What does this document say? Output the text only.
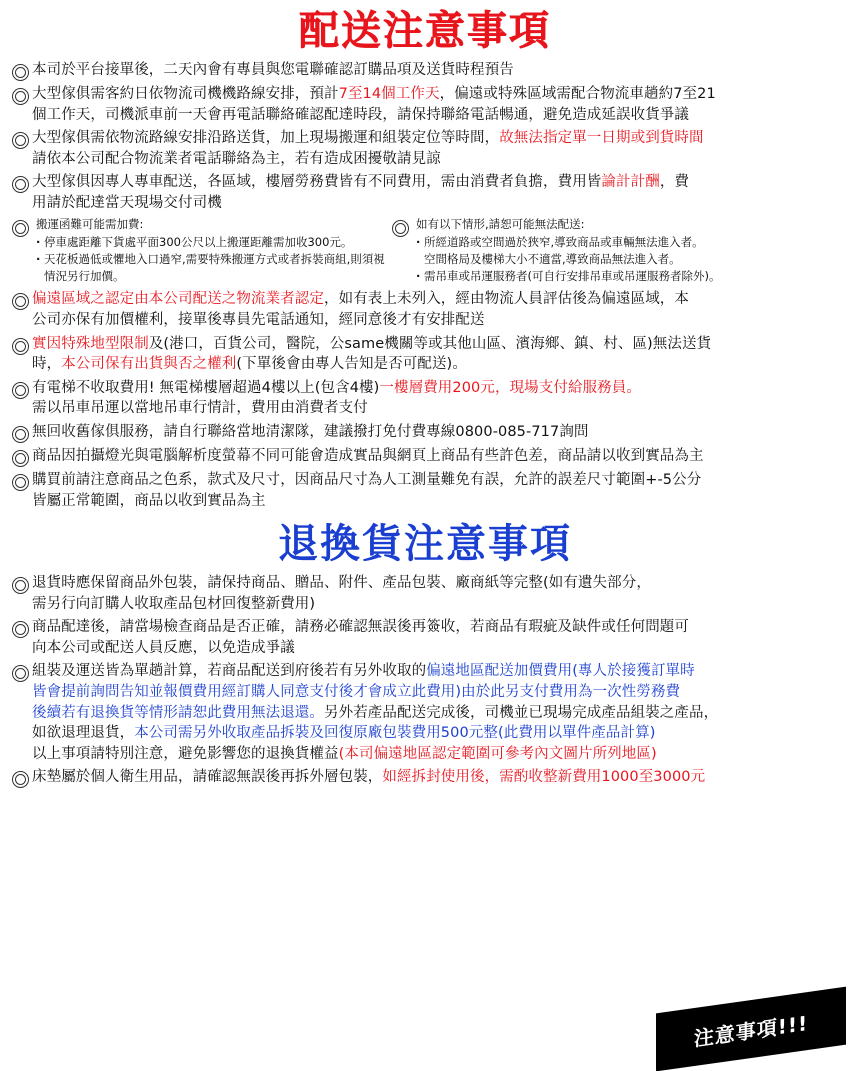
配送注意事項
本司於平台接單後，二天內會有專員與您電聯確認訂購品項及送貨時程預告
大型傢俱需客約日依物流司機機路線安排，預計7至14個工作天，偏遠或特殊區域需配合物流車趟約7至21
個工作天，司機派車前一天會再電話聯絡確認配達時段，請保持聯絡電話暢通，避免造成延誤收貨爭議
大型傢俱需依物流路線安排沿路送貨，加上現場搬運和組裝定位等時間，故無法指定單一日期或到貨時間
請依本公司配合物流業者電話聯絡為主，若有造成困擾敬請見諒
大型傢俱因專人專車配送，各區域，樓層勞務費皆有不同費用，需由消費者負擔，費用皆論計計酬，費
用請於配達當天現場交付司機
搬運函難可能需加費:
· 停車處距離下貨處平面300公尺以上搬運距離需加收300元。
· 天花板過低或懼地入口過窄,需要特殊搬運方式或者拆裝商組,則須視情況另行加價。
如有以下情形,請恕可能無法配送:
· 所經道路或空間過於狹窄,導致商品或車輛無法進入者。
空間格局及樓梯大小不適當,導致商品無法進入者。
· 需吊車或吊運服務者(可自行安排吊車或吊運服務者除外)。
偏遠區域之認定由本公司配送之物流業者認定，如有表上未列入，經由物流人員評估後為偏遠區域，本
公司亦保有加價權利，接單後專員先電話通知，經同意後才有安排配送
實因特殊地型限制及(港口，百貨公司，醫院，公same機關等或其他山區、濱海鄉、鎮、村、區)無法送貨
時，本公司保有出貨與否之權利(下單後會由專人告知是否可配送)。
有電梯不收取費用! 無電梯樓層超過4樓以上(包含4樓)一樓層費用200元，現場支付給服務員。
需以吊車吊運以當地吊車行情計，費用由消費者支付
無回收舊傢俱服務，請自行聯絡當地清潔隊，建議撥打免付費專線0800-085-717詢問
商品因拍攝燈光與電腦解析度螢幕不同可能會造成實品與網頁上商品有些許色差，商品請以收到實品為主
購買前請注意商品之色系，款式及尺寸，因商品尺寸為人工測量難免有誤，允許的誤差尺寸範圍+-5公分
皆屬正常範圍，商品以收到實品為主
退換貨注意事項
退貨時應保留商品外包裝，請保持商品、贈品、附件、產品包裝、廠商紙等完整(如有遺失部分，
需另行向訂購人收取產品包材回復整新費用)
商品配達後，請當場檢查商品是否正確，請務必確認無誤後再簽收，若商品有瑕疵及缺件或任何問題可
向本公司或配送人員反應，以免造成爭議
組裝及運送皆為單趟計算，若商品配送到府後若有另外收取的偏遠地區配送加價費用(專人於接獲訂單時
皆會提前詢問告知並報價費用經訂購人同意支付後才會成立此費用)由於此另支付費用為一次性勞務費
後續若有退換貨等情形請恕此費用無法退還。另外若產品配送完成後，司機並已現場完成產品組裝之產品，
如欲退理退貨，本公司需另外收取產品拆裝及回復原廠包裝費用500元整(此費用以單件產品計算)
以上事項請特別注意，避免影響您的退換貨權益(本司偏遠地區認定範圍可參考內文圖片所列地區)
床墊屬於個人衛生用品，請確認無誤後再拆外層包裝，如經拆封使用後，需酌收整新費用1000至3000元
注意事項!!!
